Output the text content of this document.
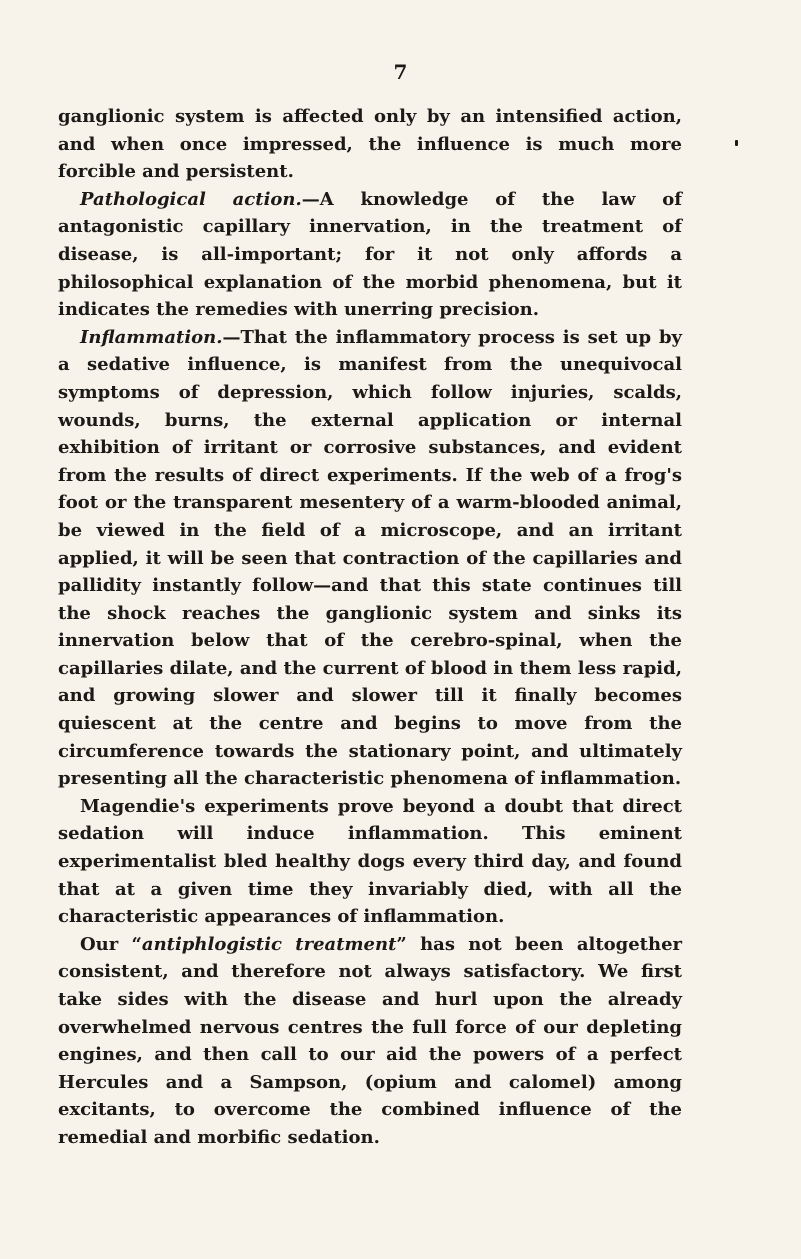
7

ganglionic system is affected only by an intensified action, and when once impressed, the influence is much more forcible and persistent.

Pathological action.—A knowledge of the law of antagonistic capillary innervation, in the treatment of disease, is all-important; for it not only affords a philosophical explanation of the morbid phenomena, but it indicates the remedies with unerring precision.

Inflammation.—That the inflammatory process is set up by a sedative influence, is manifest from the unequivocal symptoms of depression, which follow injuries, scalds, wounds, burns, the external application or internal exhibition of irritant or corrosive substances, and evident from the results of direct experiments. If the web of a frog's foot or the transparent mesentery of a warm-blooded animal, be viewed in the field of a microscope, and an irritant applied, it will be seen that contraction of the capillaries and pallidity instantly follow—and that this state continues till the shock reaches the ganglionic system and sinks its innervation below that of the cerebro-spinal, when the capillaries dilate, and the current of blood in them less rapid, and growing slower and slower till it finally becomes quiescent at the centre and begins to move from the circumference towards the stationary point, and ultimately presenting all the characteristic phenomena of inflammation.

Magendie's experiments prove beyond a doubt that direct sedation will induce inflammation. This eminent experimentalist bled healthy dogs every third day, and found that at a given time they invariably died, with all the characteristic appearances of inflammation.

Our “antiphlogistic treatment” has not been altogether consistent, and therefore not always satisfactory. We first take sides with the disease and hurl upon the already overwhelmed nervous centres the full force of our depleting engines, and then call to our aid the powers of a perfect Hercules and a Sampson, (opium and calomel) among excitants, to overcome the combined influence of the remedial and morbific sedation.
